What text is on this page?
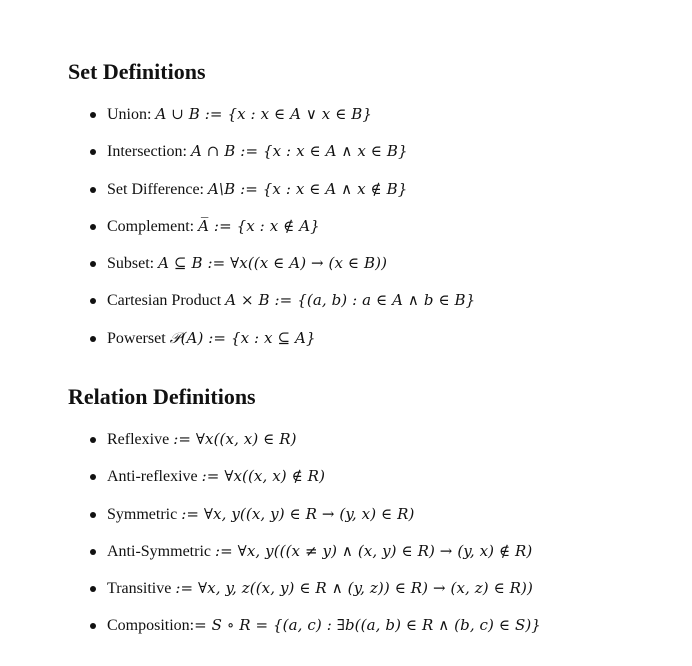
Set Definitions
Union: A ∪ B := {x : x ∈ A ∨ x ∈ B}
Intersection: A ∩ B := {x : x ∈ A ∧ x ∈ B}
Set Difference: A\B := {x : x ∈ A ∧ x ∉ B}
Complement: A̅ := {x : x ∉ A}
Subset: A ⊆ B := ∀x((x ∈ A) → (x ∈ B))
Cartesian Product A × B := {(a, b) : a ∈ A ∧ b ∈ B}
Powerset 𝒫(A) := {x : x ⊆ A}
Relation Definitions
Reflexive := ∀x((x, x) ∈ R)
Anti-reflexive := ∀x((x, x) ∉ R)
Symmetric := ∀x, y((x, y) ∈ R → (y, x) ∈ R)
Anti-Symmetric := ∀x, y(((x ≠ y) ∧ (x, y) ∈ R) → (y, x) ∉ R)
Transitive := ∀x, y, z((x, y) ∈ R ∧ (y, z)) ∈ R) → (x, z) ∈ R))
Composition:= S ∘ R = {(a, c) : ∃b((a, b) ∈ R ∧ (b, c) ∈ S)}
